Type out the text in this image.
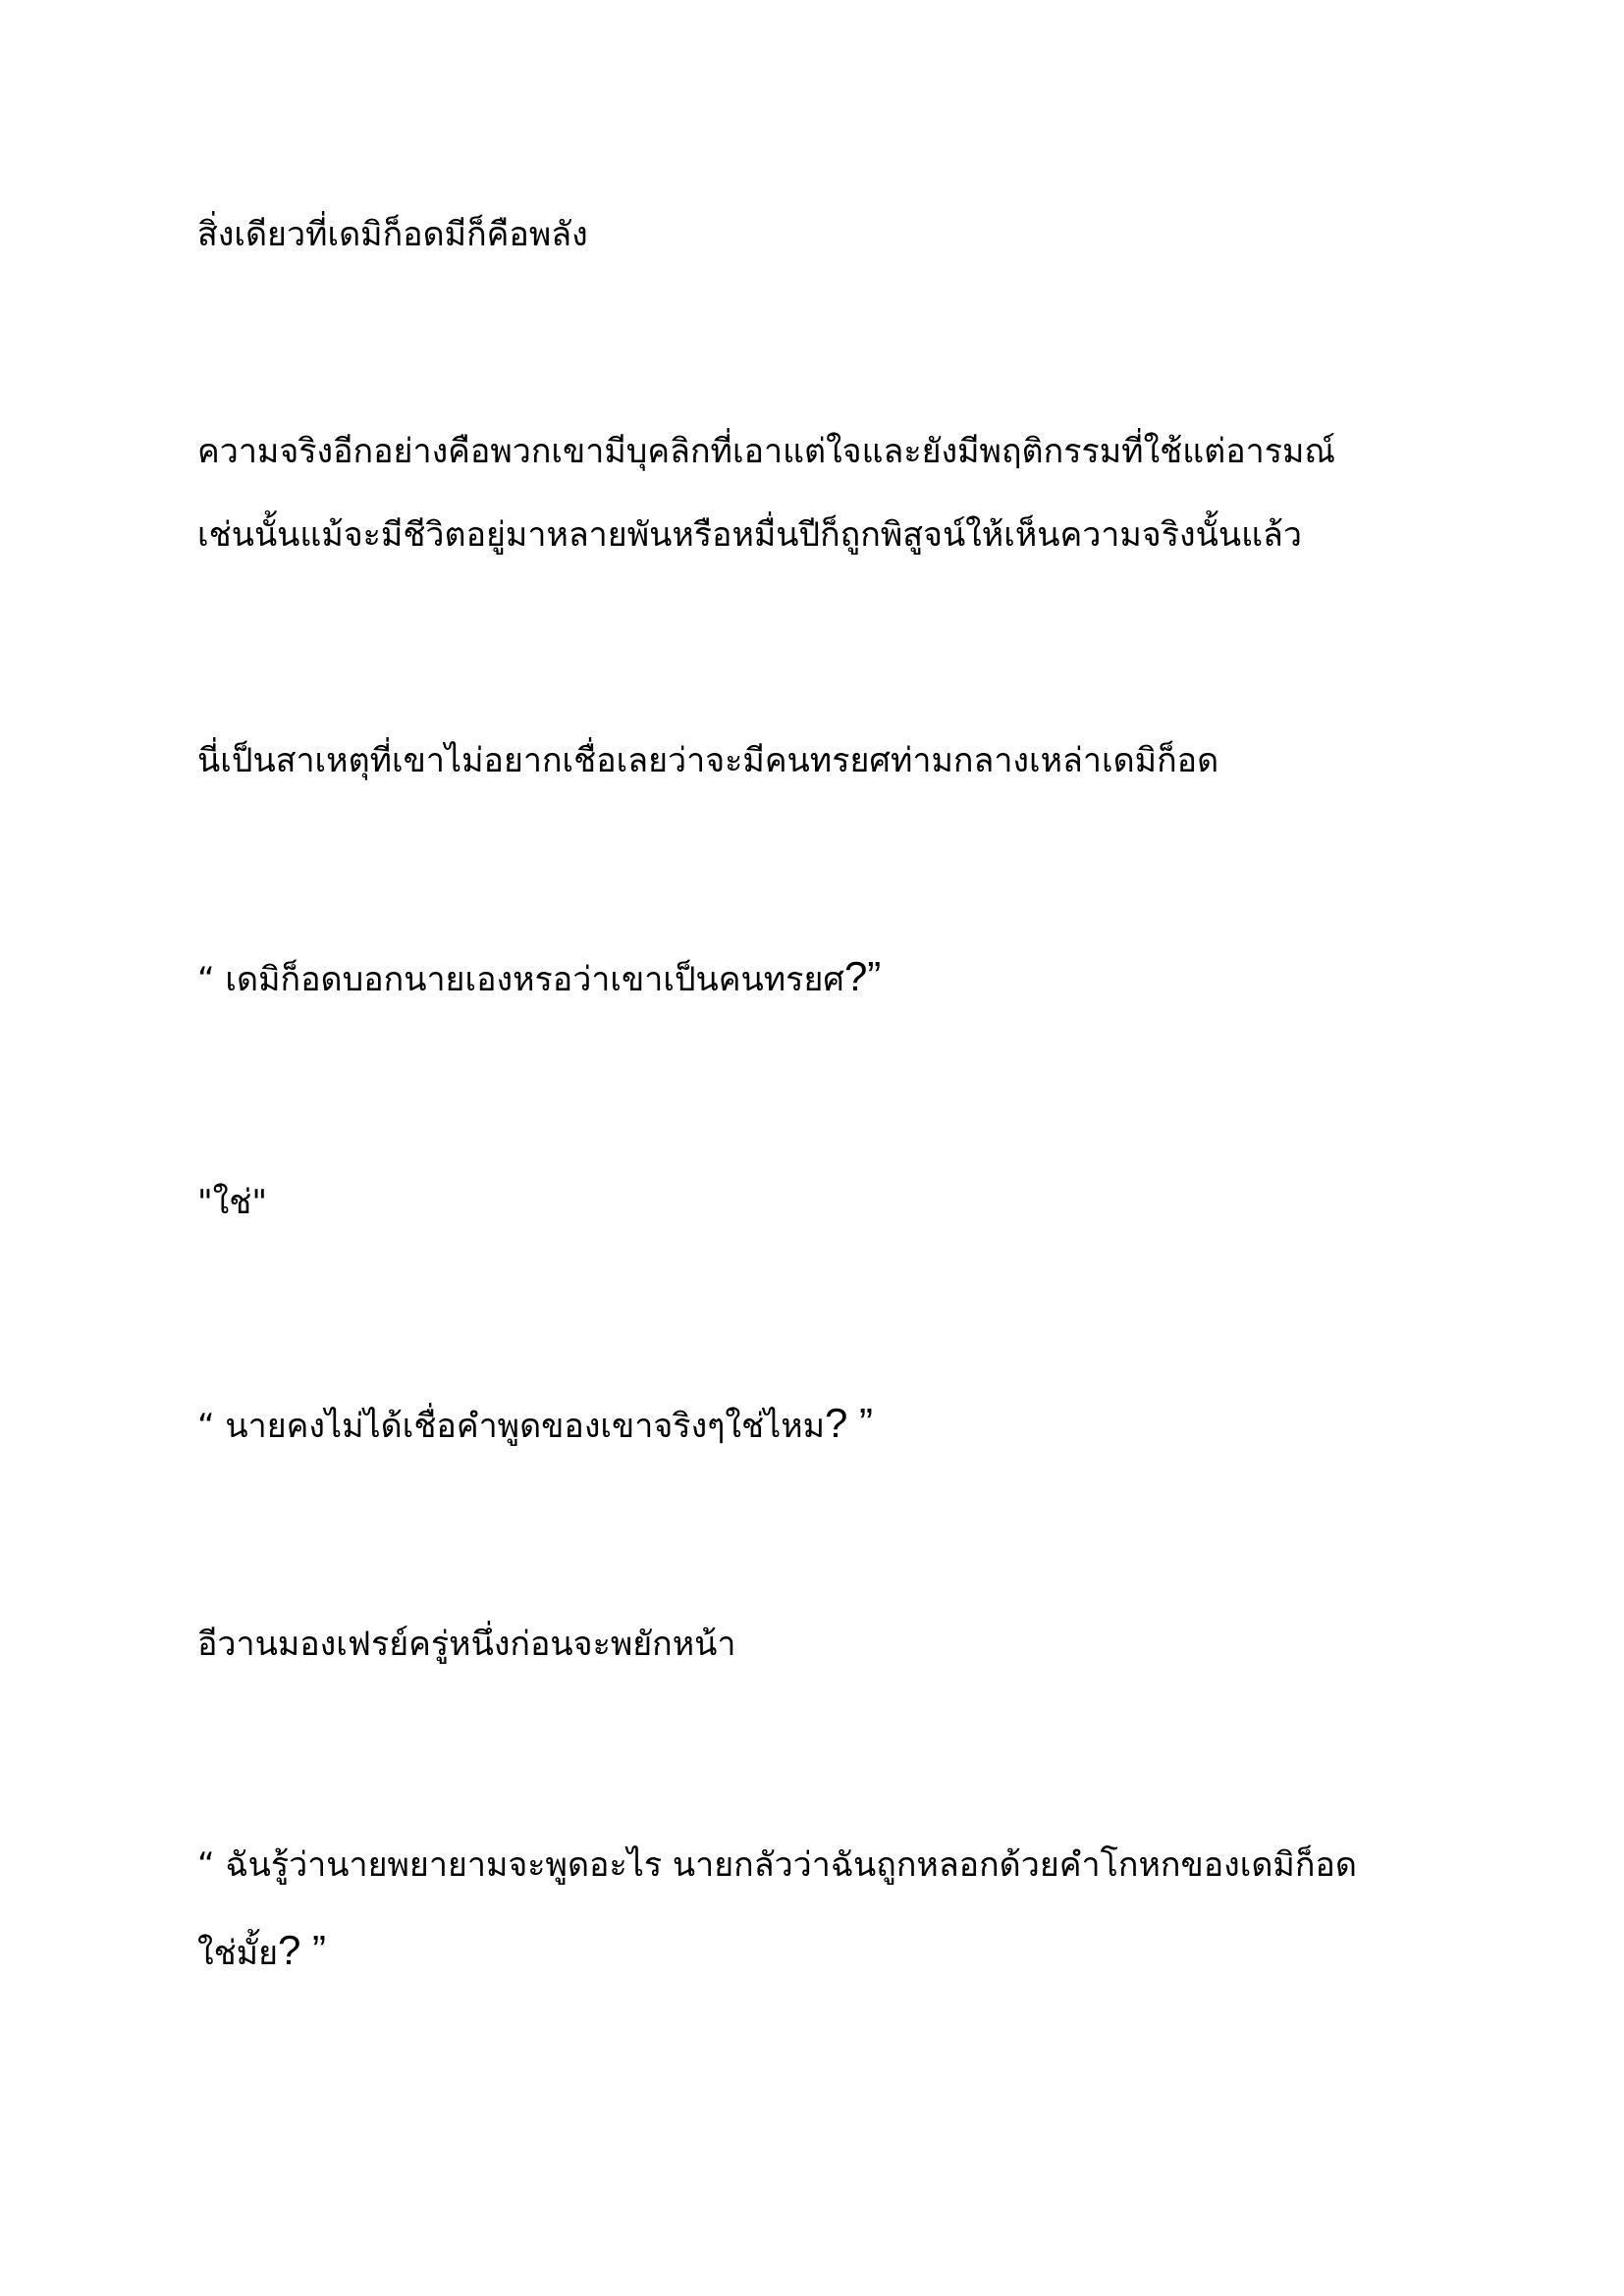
สิ่งเดียวที่เดมิก็อดมีก็คือพลัง
ความจริงอีกอย่างคือพวกเขามีบุคลิกที่เอาแต่ใจและยังมีพฤติกรรมที่ใช้แต่อารมณ์
เช่นนั้นแม้จะมีชีวิตอยู่มาหลายพันหรือหมื่นปีก็ถูกพิสูจน์ให้เห็นความจริงนั้นแล้ว
นี่เป็นสาเหตุที่เขาไม่อยากเชื่อเลยว่าจะมีคนทรยศท่ามกลางเหล่าเดมิก็อด
“ เดมิก็อดบอกนายเองหรอว่าเขาเป็นคนทรยศ?”
"ใช่"
“ นายคงไม่ได้เชื่อคำพูดของเขาจริงๆใช่ไหม? ”
อีวานมองเฟรย์ครู่หนึ่งก่อนจะพยักหน้า
“ ฉันรู้ว่านายพยายามจะพูดอะไร นายกลัวว่าฉันถูกหลอกด้วยคำโกหกของเดมิก็อด
ใช่มั้ย? ”
